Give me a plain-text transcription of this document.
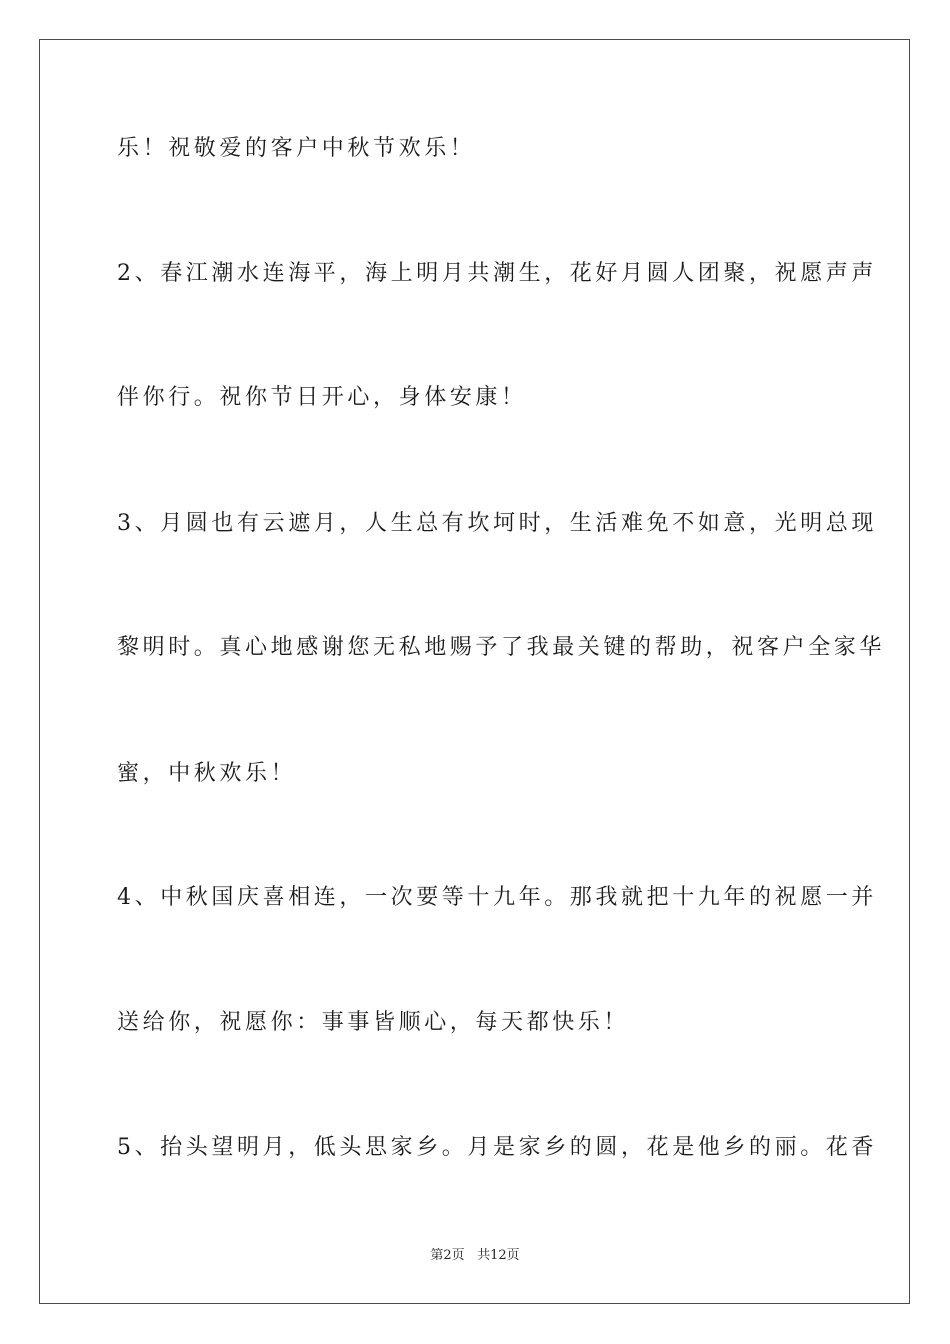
乐！祝敬爱的客户中秋节欢乐！
2、春江潮水连海平，海上明月共潮生，花好月圆人团聚，祝愿声声
伴你行。祝你节日开心，身体安康！
3、月圆也有云遮月，人生总有坎坷时，生活难免不如意，光明总现
黎明时。真心地感谢您无私地赐予了我最关键的帮助，祝客户全家华
蜜，中秋欢乐！
4、中秋国庆喜相连，一次要等十九年。那我就把十九年的祝愿一并
送给你，祝愿你：事事皆顺心，每天都快乐！
5、抬头望明月，低头思家乡。月是家乡的圆，花是他乡的丽。花香
第2页 共12页
